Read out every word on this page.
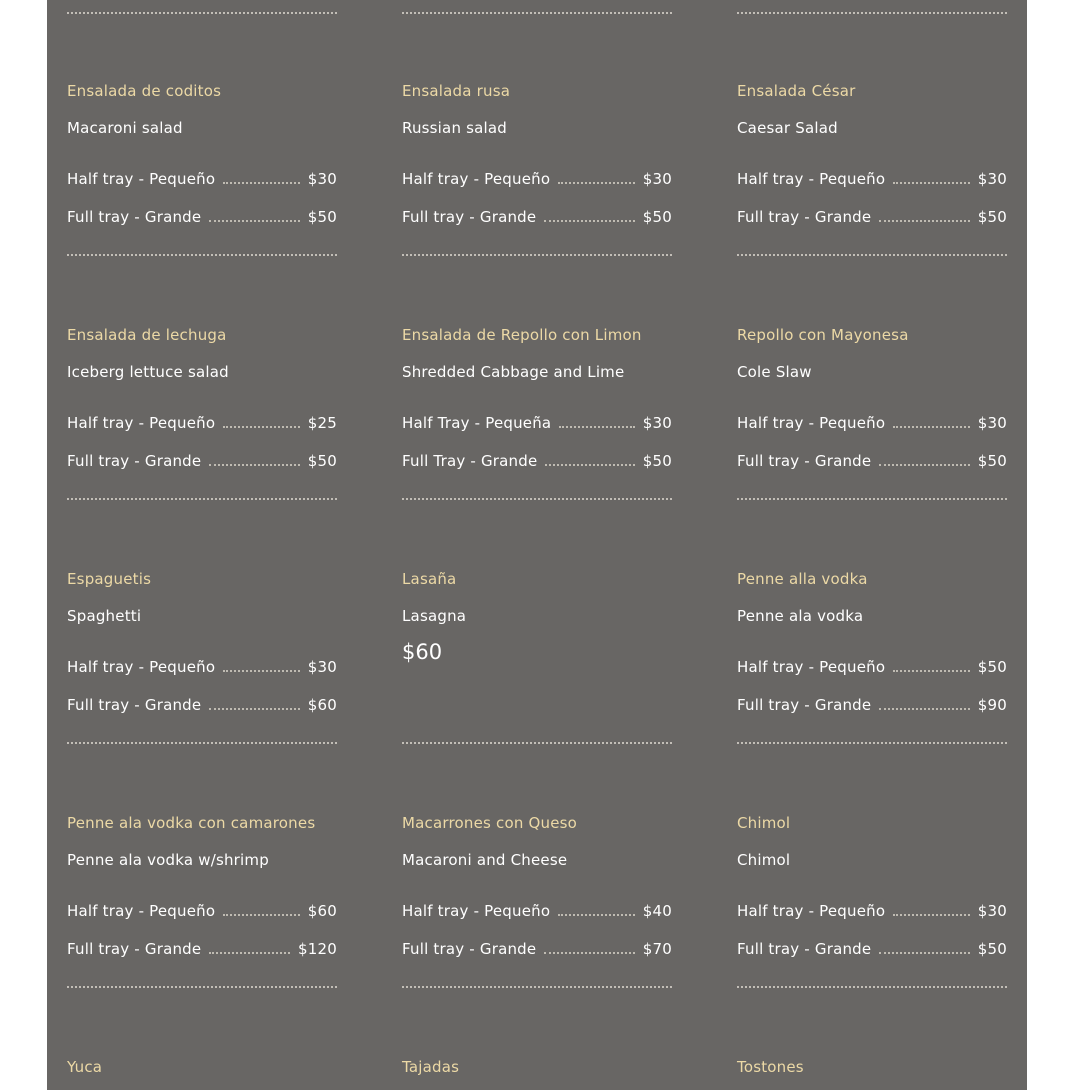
Ensalada de coditos
Macaroni salad
Half tray - Pequeño	$30
Full tray - Grande	$50
Ensalada de lechuga
Iceberg lettuce salad
Half tray - Pequeño	$25
Full tray - Grande	$50
Espaguetis
Spaghetti
Half tray - Pequeño	$30
Full tray - Grande	$60
Penne ala vodka con camarones
Penne ala vodka w/shrimp
Half tray - Pequeño	$60
Full tray - Grande	$120
Yuca
Ensalada rusa
Russian salad
Half tray - Pequeño	$30
Full tray - Grande	$50
Ensalada de Repollo con Limon
Shredded Cabbage and Lime
Half Tray - Pequeña	$30
Full Tray - Grande	$50
Lasaña
Lasagna
$60
Macarrones con Queso
Macaroni and Cheese
Half tray - Pequeño	$40
Full tray - Grande	$70
Tajadas
Ensalada César
Caesar Salad
Half tray - Pequeño	$30
Full tray - Grande	$50
Repollo con Mayonesa
Cole Slaw
Half tray - Pequeño	$30
Full tray - Grande	$50
Penne alla vodka
Penne ala vodka
Half tray - Pequeño	$50
Full tray - Grande	$90
Chimol
Chimol
Half tray - Pequeño	$30
Full tray - Grande	$50
Tostones
